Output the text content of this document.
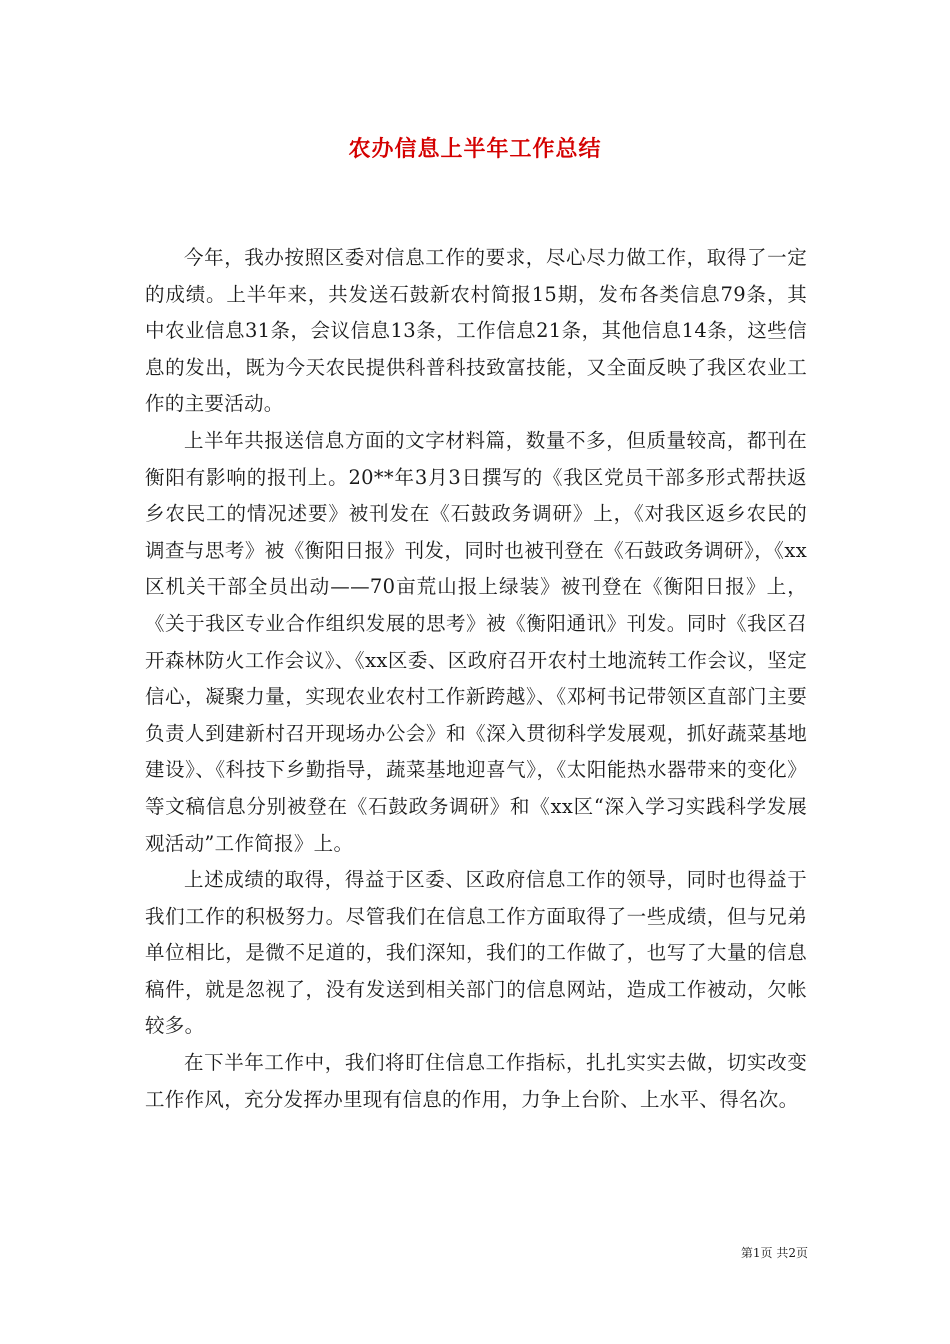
农办信息上半年工作总结

今年，我办按照区委对信息工作的要求，尽心尽力做工作，取得了一定的成绩。上半年来，共发送石鼓新农村简报15期，发布各类信息79条，其中农业信息31条，会议信息13条，工作信息21条，其他信息14条，这些信息的发出，既为今天农民提供科普科技致富技能，又全面反映了我区农业工作的主要活动。

上半年共报送信息方面的文字材料篇，数量不多，但质量较高，都刊在衡阳有影响的报刊上。20**年3月3日撰写的《我区党员干部多形式帮扶返乡农民工的情况述要》被刊发在《石鼓政务调研》上，《对我区返乡农民的调查与思考》被《衡阳日报》刊发，同时也被刊登在《石鼓政务调研》，《xx区机关干部全员出动——70亩荒山报上绿装》被刊登在《衡阳日报》上，《关于我区专业合作组织发展的思考》被《衡阳通讯》刊发。同时《我区召开森林防火工作会议》、《xx区委、区政府召开农村土地流转工作会议，坚定信心，凝聚力量，实现农业农村工作新跨越》、《邓柯书记带领区直部门主要负责人到建新村召开现场办公会》和《深入贯彻科学发展观，抓好蔬菜基地建设》、《科技下乡勤指导，蔬菜基地迎喜气》，《太阳能热水器带来的变化》等文稿信息分别被登在《石鼓政务调研》和《xx区“深入学习实践科学发展观活动”工作简报》上。

上述成绩的取得，得益于区委、区政府信息工作的领导，同时也得益于我们工作的积极努力。尽管我们在信息工作方面取得了一些成绩，但与兄弟单位相比，是微不足道的，我们深知，我们的工作做了，也写了大量的信息稿件，就是忽视了，没有发送到相关部门的信息网站，造成工作被动，欠帐较多。

在下半年工作中，我们将盯住信息工作指标，扎扎实实去做，切实改变工作作风，充分发挥办里现有信息的作用，力争上台阶、上水平、得名次。

第1页 共2页
